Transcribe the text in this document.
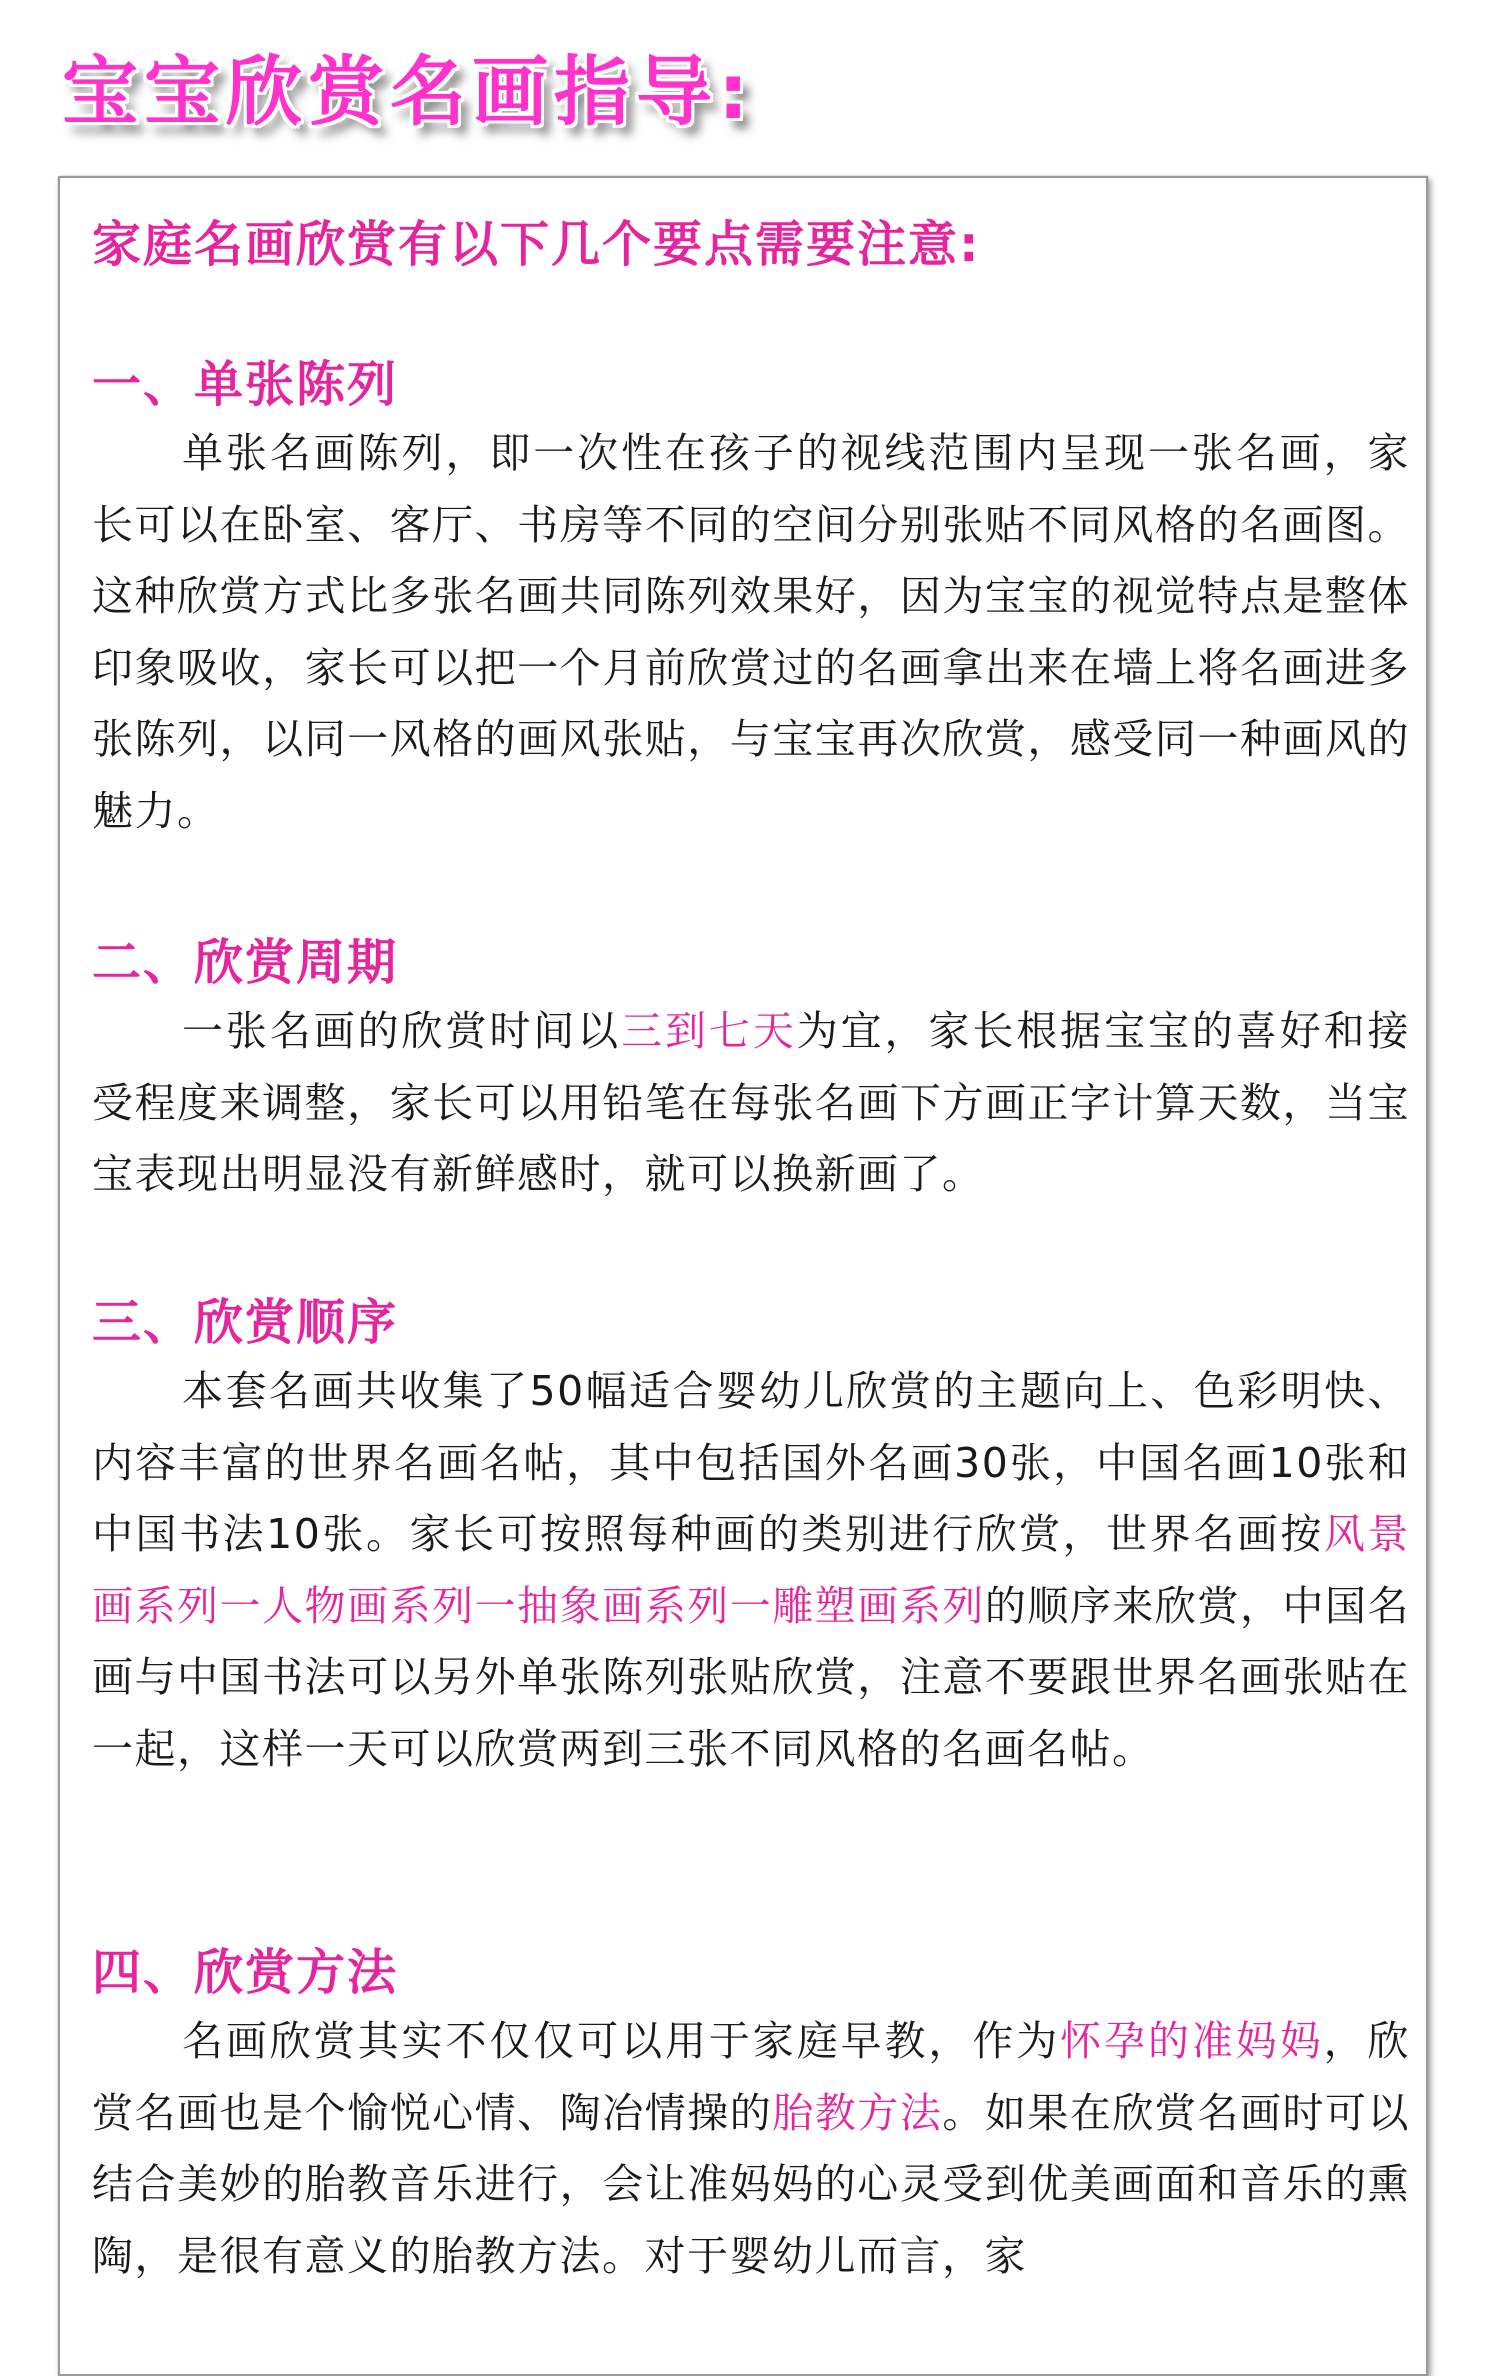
宝宝欣赏名画指导:
家庭名画欣赏有以下几个要点需要注意:
一、单张陈列

单张名画陈列，即一次性在孩子的视线范围内呈现一张名画，家长可以在卧室、客厅、书房等不同的空间分别张贴不同风格的名画图。这种欣赏方式比多张名画共同陈列效果好，因为宝宝的视觉特点是整体印象吸收，家长可以把一个月前欣赏过的名画拿出来在墙上将名画进多张陈列，以同一风格的画风张贴，与宝宝再次欣赏，感受同一种画风的魅力。

二、欣赏周期

一张名画的欣赏时间以三到七天为宜，家长根据宝宝的喜好和接受程度来调整，家长可以用铅笔在每张名画下方画正字计算天数，当宝宝表现出明显没有新鲜感时，就可以换新画了。

三、欣赏顺序

本套名画共收集了50幅适合婴幼儿欣赏的主题向上、色彩明快、内容丰富的世界名画名帖，其中包括国外名画30张，中国名画10张和中国书法10张。家长可按照每种画的类别进行欣赏，世界名画按风景画系列一人物画系列一抽象画系列一雕塑画系列的顺序来欣赏，中国名画与中国书法可以另外单张陈列张贴欣赏，注意不要跟世界名画张贴在一起，这样一天可以欣赏两到三张不同风格的名画名帖。

四、欣赏方法

名画欣赏其实不仅仅可以用于家庭早教，作为怀孕的准妈妈，欣赏名画也是个愉悦心情、陶冶情操的胎教方法。如果在欣赏名画时可以结合美妙的胎教音乐进行，会让准妈妈的心灵受到优美画面和音乐的熏陶，是很有意义的胎教方法。对于婴幼儿而言，家
